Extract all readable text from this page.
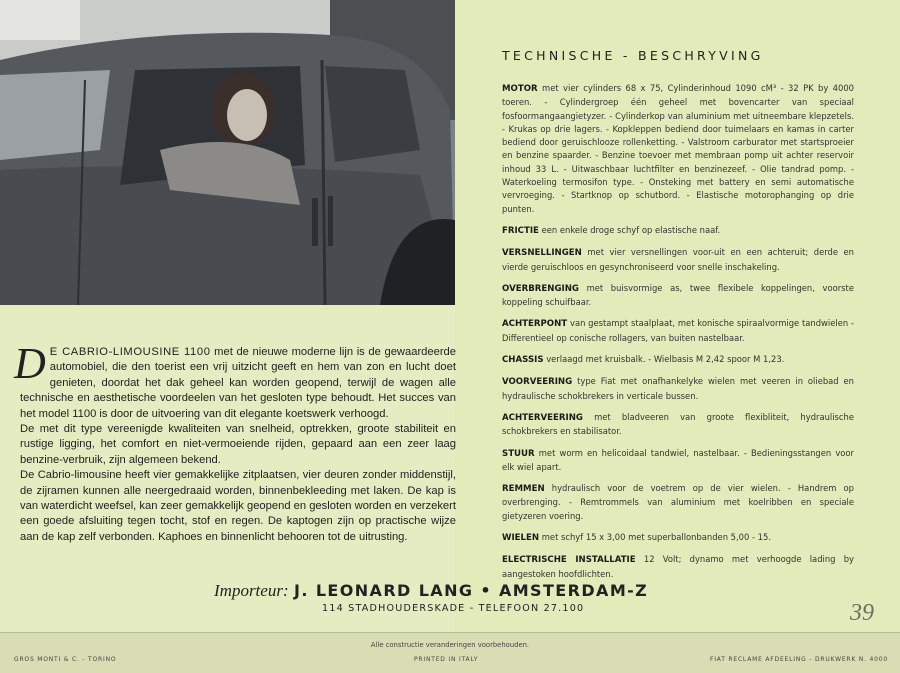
TECHNISCHE - BESCHRYVING

MOTOR met vier cylinders 68 x 75, Cylinderinhoud 1090 cM³ - 32 PK by 4000 toeren. - Cylindergroep één geheel met bovencarter van speciaal fosfoormangaangietyzer. - Cylinderkop van aluminium met uitneembare klepzetels. - Krukas op drie lagers. - Kopkleppen bediend door tuimelaars en kamas in carter bediend door geruischlooze rollenketting. - Valstroom carburator met startsproeier en benzine spaarder. - Benzine toevoer met membraan pomp uit achter reservoir inhoud 33 L. - Uitwaschbaar luchtfilter en benzinezeef. - Olie tandrad pomp. - Waterkoeling termosifon type. - Onsteking met battery en semi automatische vervroeging. - Startknop op schutbord. - Elastische motorophanging op drie punten.

FRICTIE een enkele droge schyf op elastische naaf.

VERSNELLINGEN met vier versnellingen voor-uit en een achteruit; derde en vierde geruischloos en gesynchroniseerd voor snelle inschakeling.

OVERBRENGING met buisvormige as, twee flexibele koppelingen, voorste koppeling schuifbaar.

ACHTERPONT van gestampt staalplaat, met konische spiraalvormige tandwielen - Differentieel op conische rollagers, van buiten nastelbaar.

CHASSIS verlaagd met kruisbalk. - Wielbasis M 2,42 spoor M 1,23.

VOORVEERING type Fiat met onafhankelyke wielen met veeren in oliebad en hydraulische schokbrekers in verticale bussen.

ACHTERVEERING met bladveeren van groote flexibliteit, hydraulische schokbrekers en stabilisator.

STUUR met worm en helicoidaal tandwiel, nastelbaar. - Bedieningsstangen voor elk wiel apart.

REMMEN hydraulisch voor de voetrem op de vier wielen. - Handrem op overbrenging. - Remtrommels van aluminium met koelribben en speciale gietyzeren voering.

WIELEN met schyf 15 x 3,00 met superballonbanden 5,00 - 15.

ELECTRISCHE INSTALLATIE 12 Volt; dynamo met verhoogde lading by aangestoken hoofdlichten.

D E CABRIO-LIMOUSINE 1100 met de nieuwe moderne lijn is de gewaardeerde automobiel, die den toerist een vrij uitzicht geeft en hem van zon en lucht doet genieten, doordat het dak geheel kan worden geopend, terwijl de wagen alle technische en aesthetische voordeelen van het gesloten type behoudt. Het succes van het model 1100 is door de uitvoering van dit elegante koetswerk verhoogd.

De met dit type vereenigde kwaliteiten van snelheid, optrekken, groote stabiliteit en rustige ligging, het comfort en niet-vermoeiende rijden, gepaard aan een zeer laag benzine-verbruik, zijn algemeen bekend.

De Cabrio-limousine heeft vier gemakkelijke zitplaatsen, vier deuren zonder middenstijl, de zijramen kunnen alle neergedraaid worden, binnenbekleeding met laken. De kap is van waterdicht weefsel, kan zeer gemakkelijk geopend en gesloten worden en verzekert een goede afsluiting tegen tocht, stof en regen. De kaptogen zijn op practische wijze aan de kap zelf verbonden. Kaphoes en binnenlicht behooren tot de uitrusting.

Importeur: J. LEONARD LANG • AMSTERDAM-Z
114 STADHOUDERSKADE - TELEFOON 27.100	39
Alle constructie veranderingen voorbehouden.
GROS MONTI & C. - TORINO	PRINTED IN ITALY	FIAT RECLAME AFDEELING - DRUKWERK N. 4000
